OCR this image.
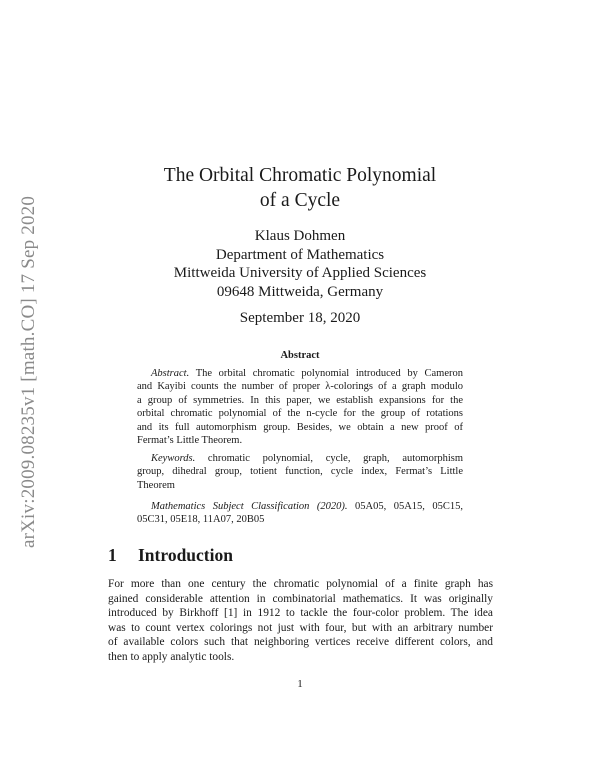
arXiv:2009.08235v1 [math.CO] 17 Sep 2020
The Orbital Chromatic Polynomial
of a Cycle
Klaus Dohmen
Department of Mathematics
Mittweida University of Applied Sciences
09648 Mittweida, Germany
September 18, 2020
Abstract
Abstract. The orbital chromatic polynomial introduced by Cameron
and Kayibi counts the number of proper λ-colorings of a graph modulo
a group of symmetries. In this paper, we establish expansions for the
orbital chromatic polynomial of the n-cycle for the group of rotations
and its full automorphism group. Besides, we obtain a new proof of
Fermat’s Little Theorem.
Keywords. chromatic polynomial, cycle, graph, automorphism
group, dihedral group, totient function, cycle index, Fermat’s Little
Theorem
Mathematics Subject Classification (2020). 05A05, 05A15, 05C15,
05C31, 05E18, 11A07, 20B05
1 Introduction
For more than one century the chromatic polynomial of a finite graph has
gained considerable attention in combinatorial mathematics. It was originally
introduced by Birkhoff [1] in 1912 to tackle the four-color problem. The idea
was to count vertex colorings not just with four, but with an arbitrary number
of available colors such that neighboring vertices receive different colors, and
then to apply analytic tools.
1
